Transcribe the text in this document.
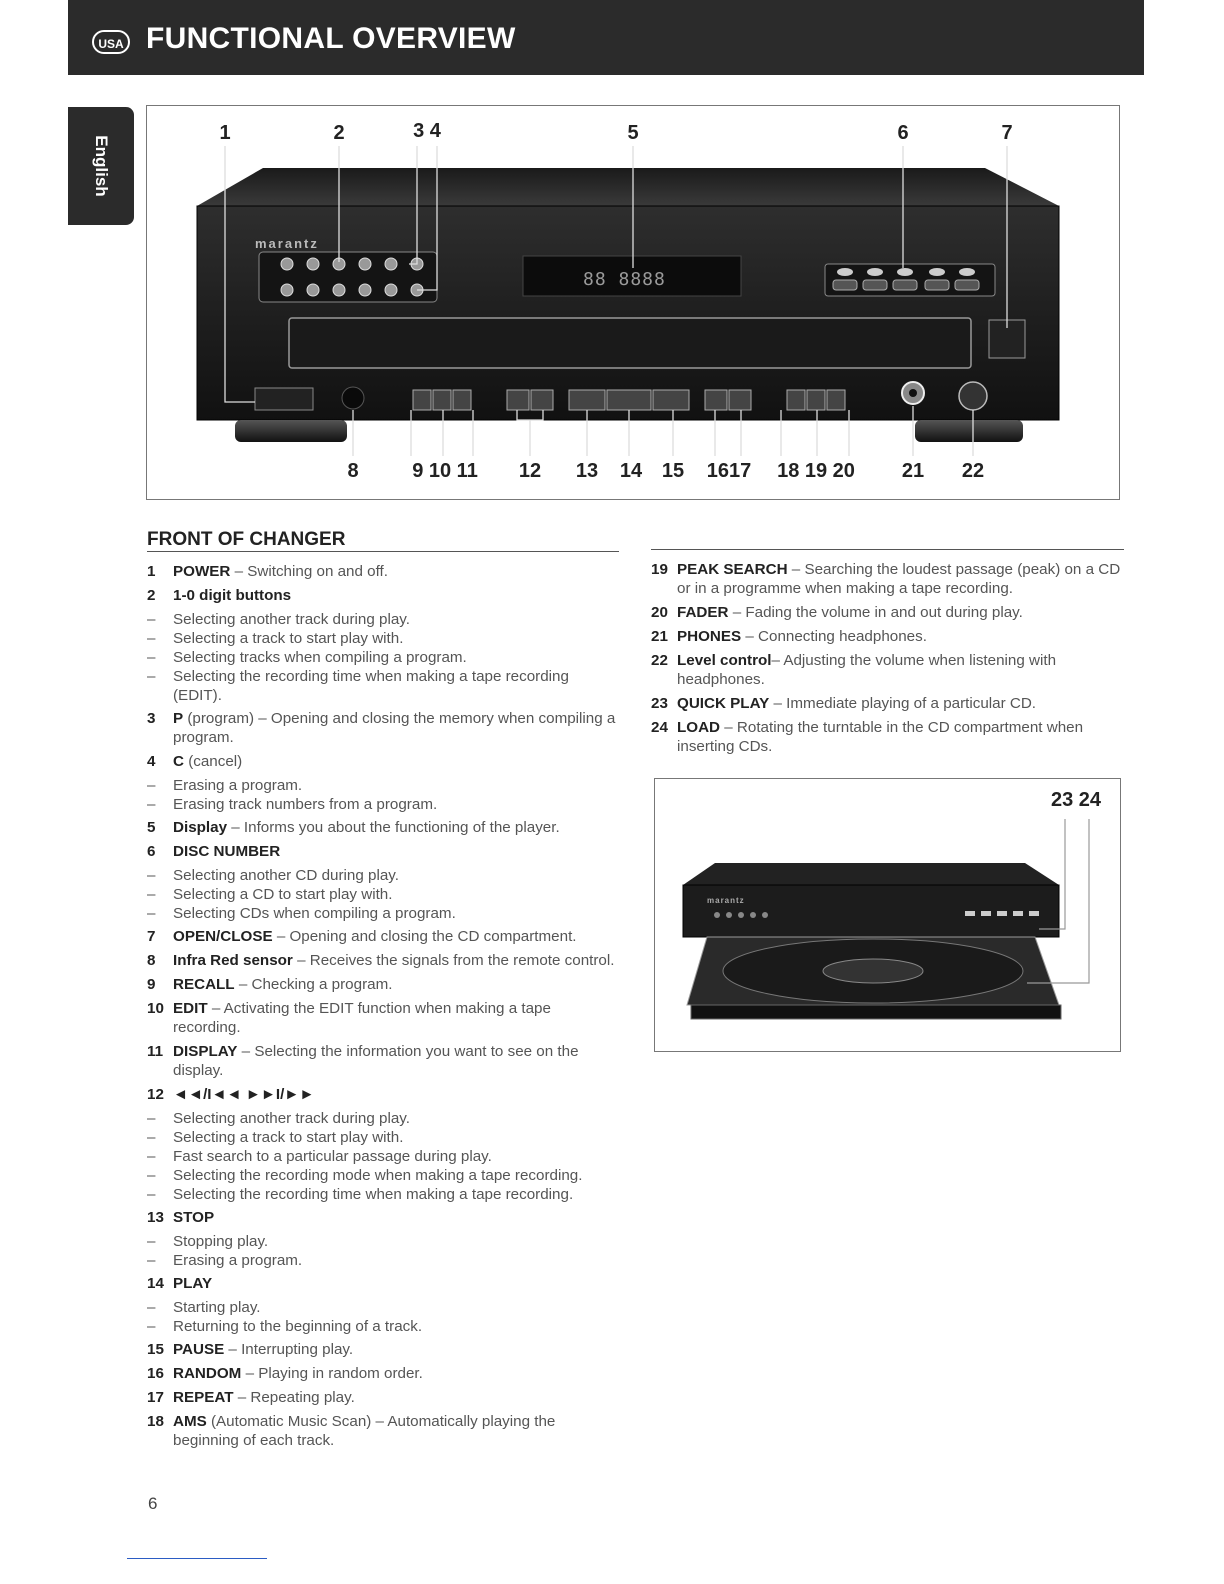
USA FUNCTIONAL OVERVIEW
English
marantz
88 8888
1	2	3 4	5	6	7
8	9 10 11 12 13 14 15 1617 18 19 20 21 22
FRONT OF CHANGER
1	POWER – Switching on and off.
2	1-0 digit buttons
–	Selecting another track during play.
–	Selecting a track to start play with.
–	Selecting tracks when compiling a program.
–	Selecting the recording time when making a tape recording (EDIT).
3	P (program) – Opening and closing the memory when compiling a program.
4	C (cancel)
–	Erasing a program.
–	Erasing track numbers from a program.
5	Display – Informs you about the functioning of the player.
6	DISC NUMBER
–	Selecting another CD during play.
–	Selecting a CD to start play with.
–	Selecting CDs when compiling a program.
7	OPEN/CLOSE – Opening and closing the CD compartment.
8	Infra Red sensor – Receives the signals from the remote control.
9	RECALL – Checking a program.
10 EDIT – Activating the EDIT function when making a tape recording.
11 DISPLAY – Selecting the information you want to see on the display.
12 ◄◄/I◄◄ ►►I/►►
–	Selecting another track during play.
–	Selecting a track to start play with.
–	Fast search to a particular passage during play.
–	Selecting the recording mode when making a tape recording.
–	Selecting the recording time when making a tape recording.
13 STOP
–	Stopping play.
–	Erasing a program.
14 PLAY
–	Starting play.
–	Returning to the beginning of a track.
15 PAUSE – Interrupting play.
16 RANDOM – Playing in random order.
17 REPEAT – Repeating play.
18 AMS (Automatic Music Scan) – Automatically playing the beginning of each track.
19 PEAK SEARCH – Searching the loudest passage (peak) on a CD or in a programme when making a tape recording.
20 FADER – Fading the volume in and out during play.
21 PHONES – Connecting headphones.
22 Level control– Adjusting the volume when listening with headphones.
23 QUICK PLAY – Immediate playing of a particular CD.
24 LOAD – Rotating the turntable in the CD compartment when inserting CDs.
marantz
23 24
6
